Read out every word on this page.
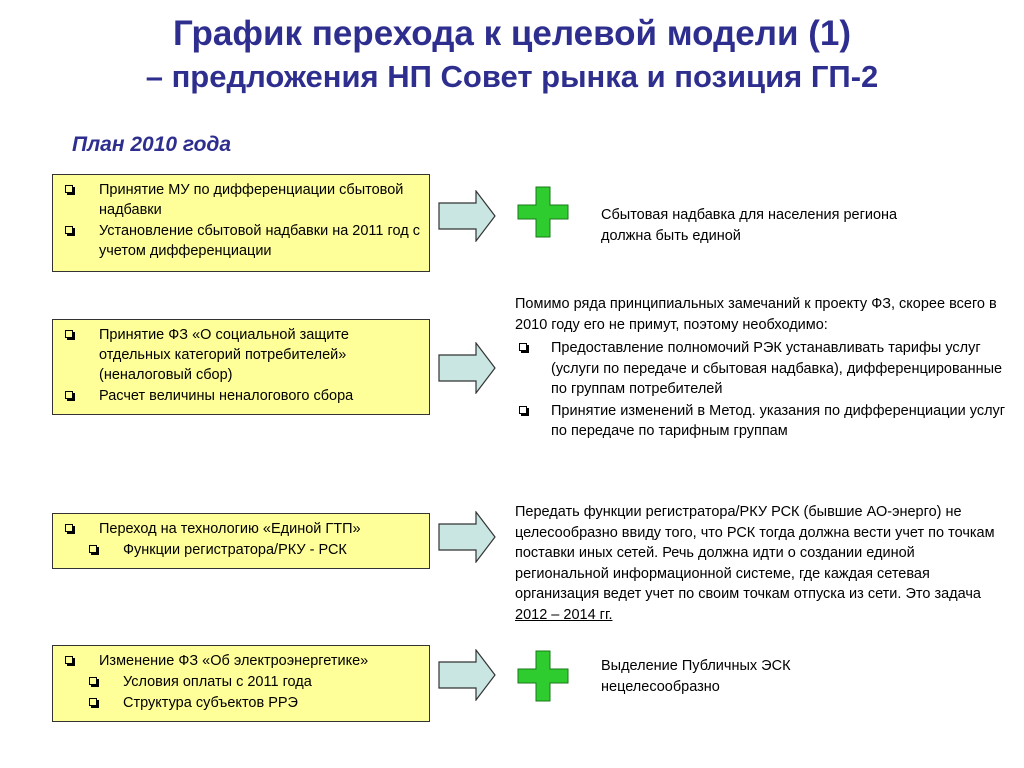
График перехода к целевой модели (1)
– предложения НП Совет рынка и позиция ГП-2
План 2010 года
Принятие МУ по дифференциации сбытовой надбавки
Установление сбытовой надбавки на 2011 год с учетом дифференциации
Сбытовая надбавка для населения региона должна быть единой
Принятие ФЗ «О социальной защите отдельных категорий потребителей» (неналоговый сбор)
Расчет величины неналогового сбора
Помимо ряда принципиальных замечаний к проекту ФЗ, скорее всего в 2010 году его не примут, поэтому необходимо:
Предоставление полномочий РЭК устанавливать тарифы услуг (услуги по передаче и сбытовая надбавка), дифференцированные по группам потребителей
Принятие изменений в Метод. указания по дифференциации услуг по передаче по тарифным группам
Переход на технологию «Единой ГТП»
Функции регистратора/РКУ - РСК
Передать функции регистратора/РКУ РСК (бывшие АО-энерго) не целесообразно ввиду того, что РСК тогда должна вести учет по точкам поставки иных сетей. Речь должна идти о создании единой региональной информационной системе, где каждая сетевая организация ведет учет по своим точкам отпуска из сети. Это задача 2012 – 2014 гг.
Изменение ФЗ «Об электроэнергетике»
Условия оплаты с 2011 года
Структура субъектов РРЭ
Выделение Публичных ЭСК нецелесообразно
